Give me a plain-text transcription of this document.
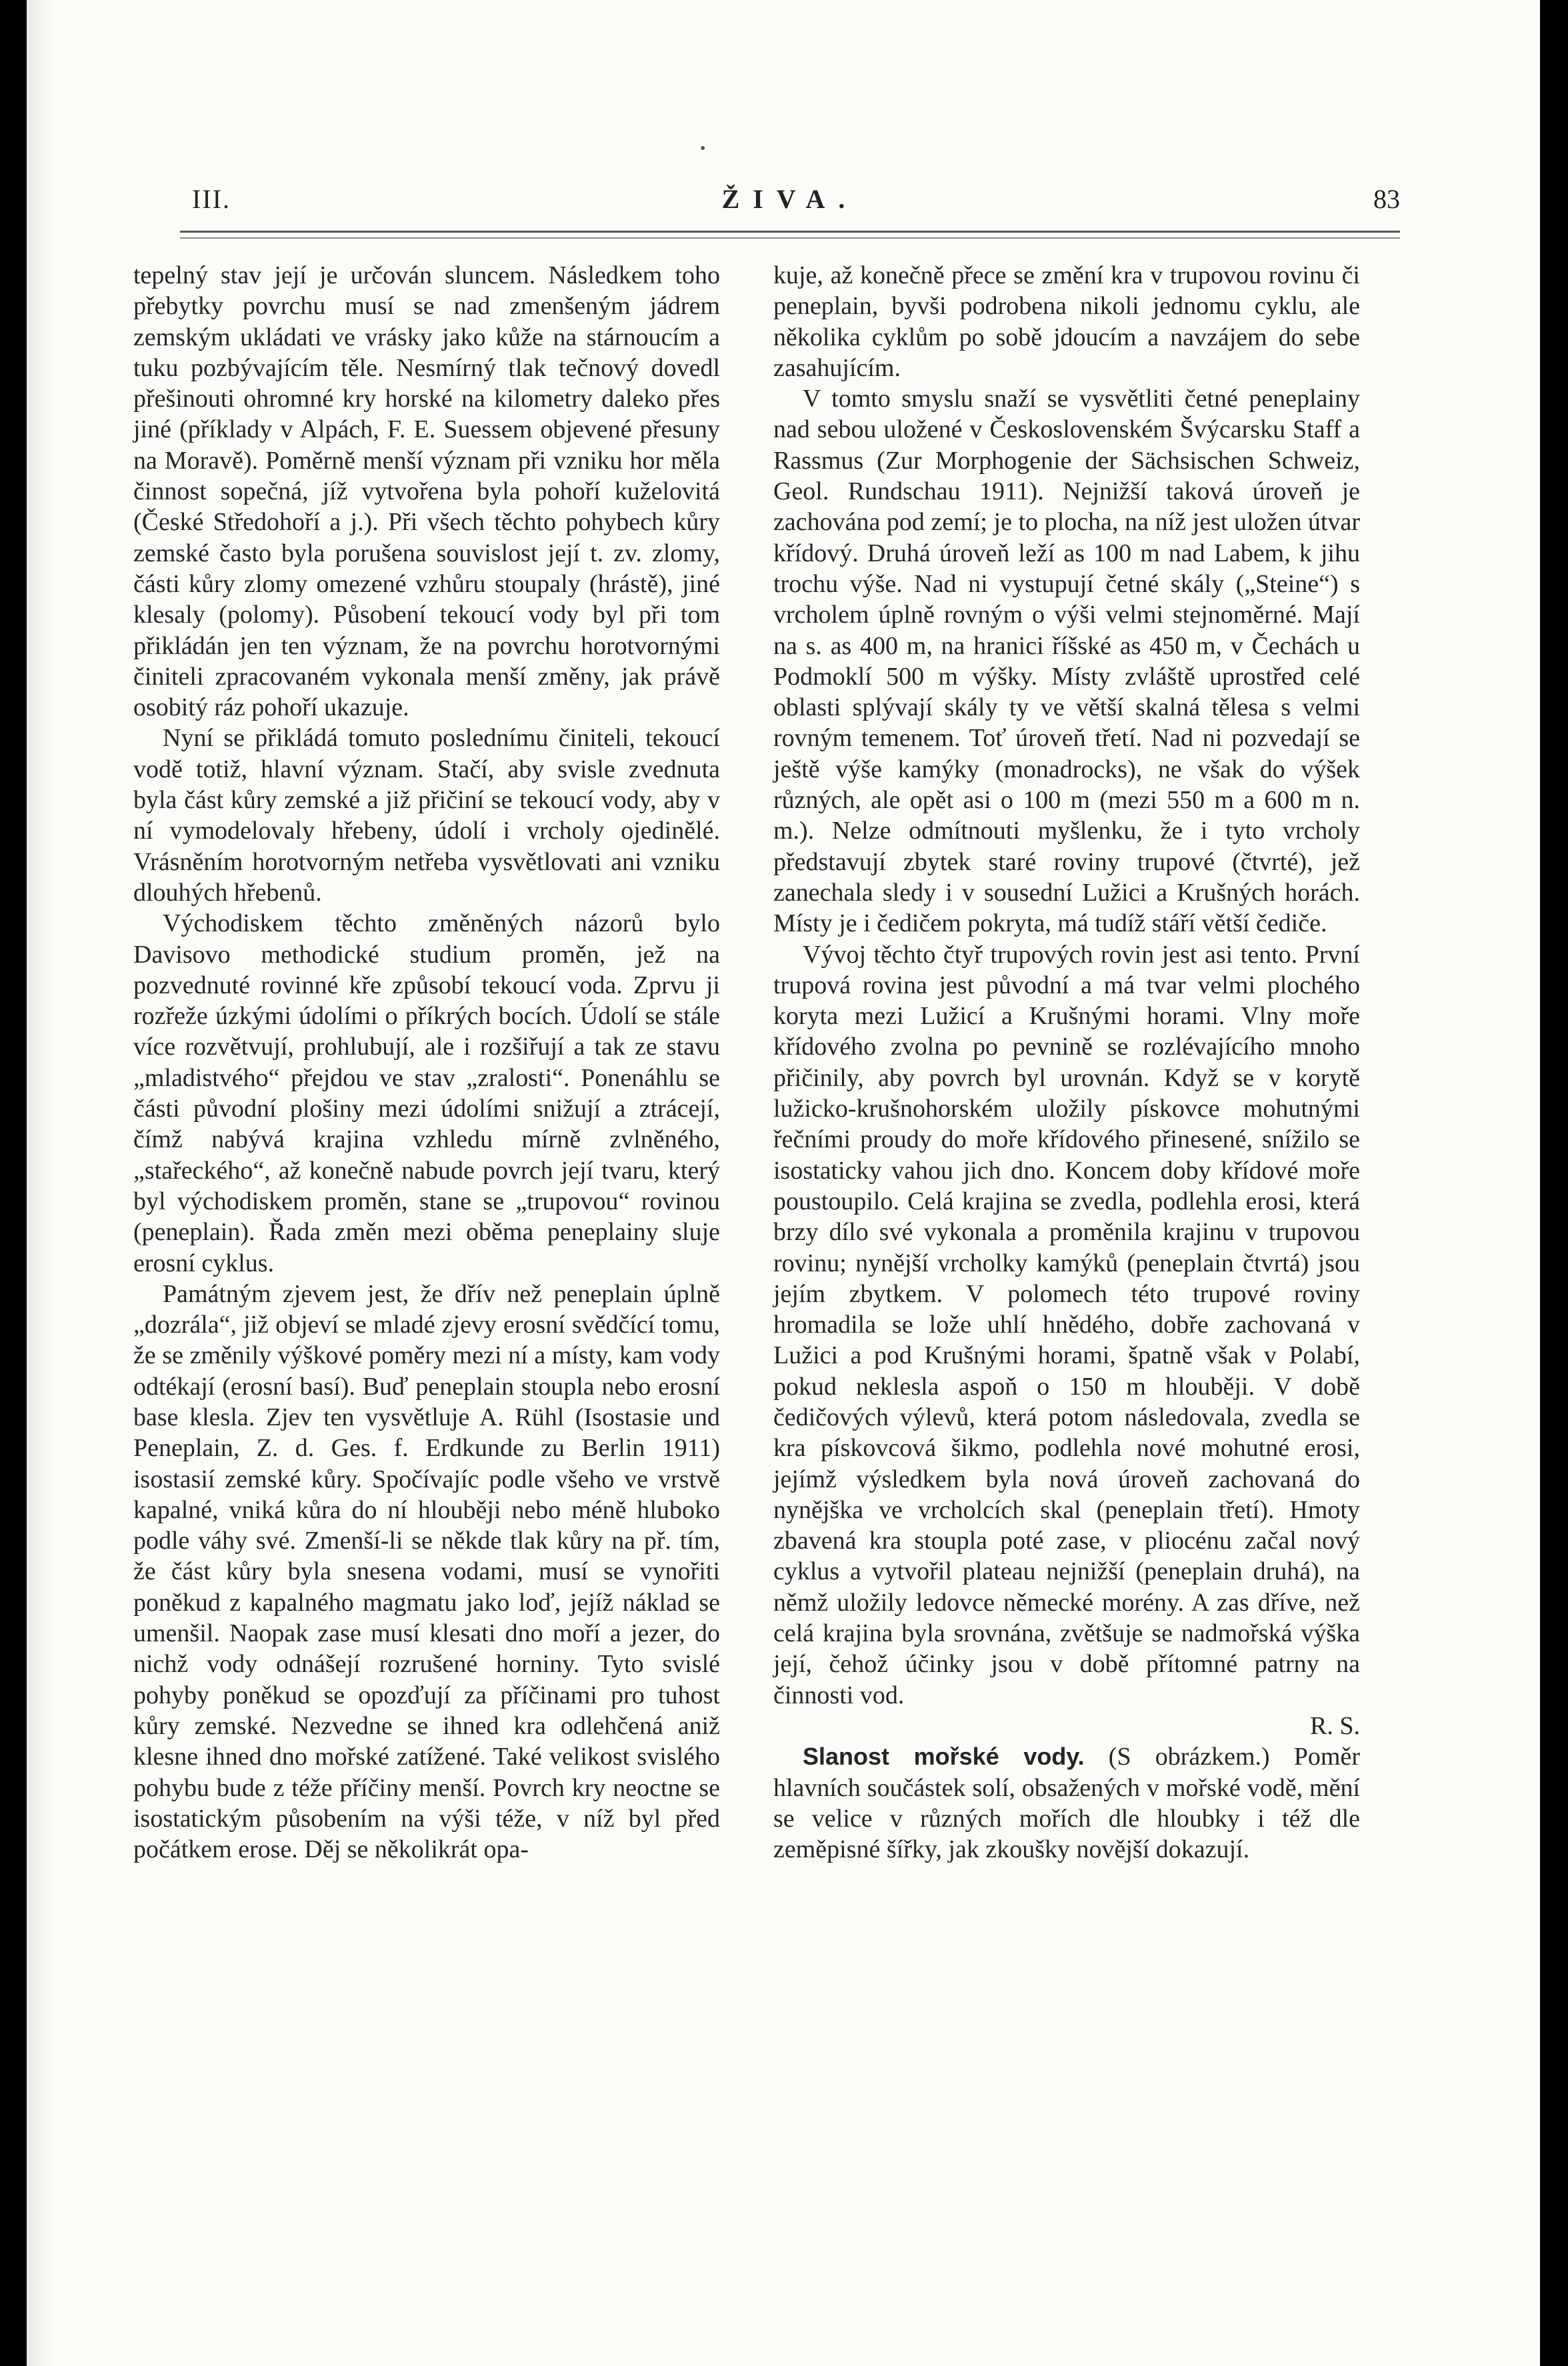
III.	ŽIVA.	83

tepelný stav její je určován sluncem. Následkem toho přebytky povrchu musí se nad zmenšeným jádrem zemským ukládati ve vrásky jako kůže na stárnoucím a tuku pozbývajícím těle. Nesmírný tlak tečnový dovedl přešinouti ohromné kry horské na kilometry daleko přes jiné (příklady v Alpách, F. E. Suessem objevené přesuny na Moravě). Poměrně menší význam při vzniku hor měla činnost sopečná, jíž vytvořena byla pohoří kuželovitá (České Středohoří a j.). Při všech těchto pohybech kůry zemské často byla porušena souvislost její t. zv. zlomy, části kůry zlomy omezené vzhůru stoupaly (hrástě), jiné klesaly (polomy). Působení tekoucí vody byl při tom přikládán jen ten význam, že na povrchu horotvornými činiteli zpracovaném vykonala menší změny, jak právě osobitý ráz pohoří ukazuje.

Nyní se přikládá tomuto poslednímu činiteli, tekoucí vodě totiž, hlavní význam. Stačí, aby svisle zvednuta byla část kůry zemské a již přičiní se tekoucí vody, aby v ní vymodelovaly hřebeny, údolí i vrcholy ojedinělé. Vrásněním horotvorným netřeba vysvětlovati ani vzniku dlouhých hřebenů.

Východiskem těchto změněných názorů bylo Davisovo methodické studium proměn, jež na pozvednuté rovinné kře způsobí tekoucí voda. Zprvu ji rozřeže úzkými údolími o příkrých bocích. Údolí se stále více rozvětvují, prohlubují, ale i rozšiřují a tak ze stavu „mladistvého“ přejdou ve stav „zralosti“. Ponenáhlu se části původní plošiny mezi údolími snižují a ztrácejí, čímž nabývá krajina vzhledu mírně zvlněného, „stařeckého“, až konečně nabude povrch její tvaru, který byl východiskem proměn, stane se „trupovou“ rovinou (peneplain). Řada změn mezi oběma peneplainy sluje erosní cyklus.

Památným zjevem jest, že dřív než peneplain úplně „dozrála“, již objeví se mladé zjevy erosní svědčící tomu, že se změnily výškové poměry mezi ní a místy, kam vody odtékají (erosní basí). Buď peneplain stoupla nebo erosní base klesla. Zjev ten vysvětluje A. Rühl (Isostasie und Peneplain, Z. d. Ges. f. Erdkunde zu Berlin 1911) isostasií zemské kůry. Spočívajíc podle všeho ve vrstvě kapalné, vniká kůra do ní hlouběji nebo méně hluboko podle váhy své. Zmenší-li se někde tlak kůry na př. tím, že část kůry byla snesena vodami, musí se vynořiti poněkud z kapalného magmatu jako loď, jejíž náklad se umenšil. Naopak zase musí klesati dno moří a jezer, do nichž vody odnášejí rozrušené horniny. Tyto svislé pohyby poněkud se opozďují za příčinami pro tuhost kůry zemské. Nezvedne se ihned kra odlehčená aniž klesne ihned dno mořské zatížené. Také velikost svislého pohybu bude z téže příčiny menší. Povrch kry neoctne se isostatickým působením na výši téže, v níž byl před počátkem erose. Děj se několikrát opa-

kuje, až konečně přece se změní kra v trupovou rovinu či peneplain, byvši podrobena nikoli jednomu cyklu, ale několika cyklům po sobě jdoucím a navzájem do sebe zasahujícím.

V tomto smyslu snaží se vysvětliti četné peneplainy nad sebou uložené v Československém Švýcarsku Staff a Rassmus (Zur Morphogenie der Sächsischen Schweiz, Geol. Rundschau 1911). Nejnižší taková úroveň je zachována pod zemí; je to plocha, na níž jest uložen útvar křídový. Druhá úroveň leží as 100 m nad Labem, k jihu trochu výše. Nad ni vystupují četné skály („Steine“) s vrcholem úplně rovným o výši velmi stejnoměrné. Mají na s. as 400 m, na hranici říšské as 450 m, v Čechách u Podmoklí 500 m výšky. Místy zvláště uprostřed celé oblasti splývají skály ty ve větší skalná tělesa s velmi rovným temenem. Toť úroveň třetí. Nad ni pozvedají se ještě výše kamýky (monadrocks), ne však do výšek různých, ale opět asi o 100 m (mezi 550 m a 600 m n. m.). Nelze odmítnouti myšlenku, že i tyto vrcholy představují zbytek staré roviny trupové (čtvrté), jež zanechala sledy i v sousední Lužici a Krušných horách. Místy je i čedičem pokryta, má tudíž stáří větší čediče.

Vývoj těchto čtyř trupových rovin jest asi tento. První trupová rovina jest původní a má tvar velmi plochého koryta mezi Lužicí a Krušnými horami. Vlny moře křídového zvolna po pevnině se rozlévajícího mnoho přičinily, aby povrch byl urovnán. Když se v korytě lužicko-krušnohorském uložily pískovce mohutnými řečními proudy do moře křídového přinesené, snížilo se isostaticky vahou jich dno. Koncem doby křídové moře poustoupilo. Celá krajina se zvedla, podlehla erosi, která brzy dílo své vykonala a proměnila krajinu v trupovou rovinu; nynější vrcholky kamýků (peneplain čtvrtá) jsou jejím zbytkem. V polomech této trupové roviny hromadila se lože uhlí hnědého, dobře zachovaná v Lužici a pod Krušnými horami, špatně však v Polabí, pokud neklesla aspoň o 150 m hlouběji. V době čedičových výlevů, která potom následovala, zvedla se kra pískovcová šikmo, podlehla nové mohutné erosi, jejímž výsledkem byla nová úroveň zachovaná do nynějška ve vrcholcích skal (peneplain třetí). Hmoty zbavená kra stoupla poté zase, v pliocénu začal nový cyklus a vytvořil plateau nejnižší (peneplain druhá), na němž uložily ledovce německé morény. A zas dříve, než celá krajina byla srovnána, zvětšuje se nadmořská výška její, čehož účinky jsou v době přítomné patrny na činnosti vod.

R. S.

Slanost mořské vody. (S obrázkem.) Poměr hlavních součástek solí, obsažených v mořské vodě, mění se velice v různých mořích dle hloubky i též dle zeměpisné šířky, jak zkoušky novější dokazují.

•
